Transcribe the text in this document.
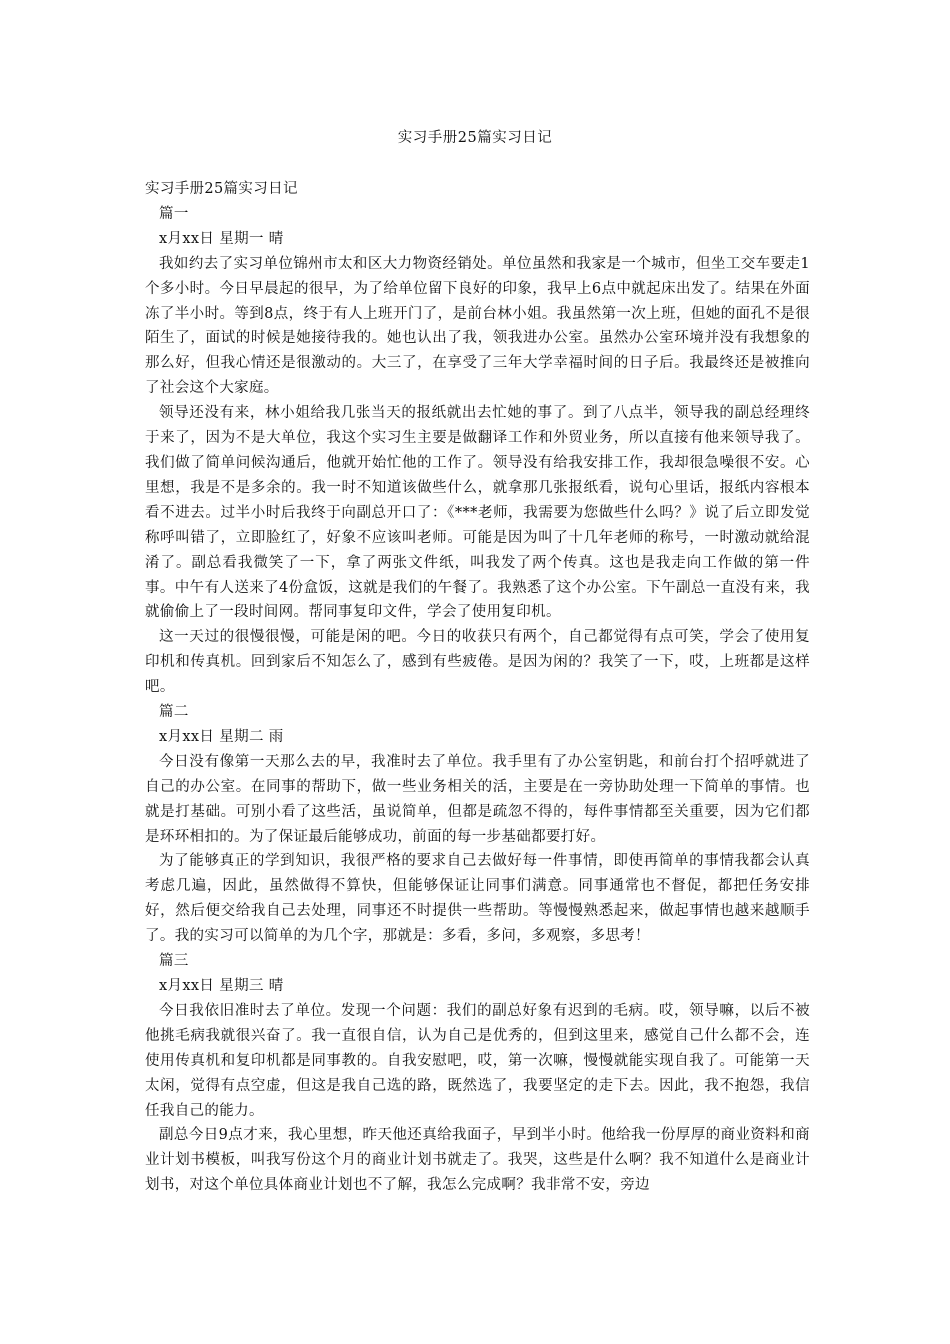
实习手册25篇实习日记

实习手册25篇实习日记

篇一

x月xx日 星期一 晴

我如约去了实习单位锦州市太和区大力物资经销处。单位虽然和我家是一个城市，但坐工交车要走1个多小时。今日早晨起的很早，为了给单位留下良好的印象，我早上6点中就起床出发了。结果在外面冻了半小时。等到8点，终于有人上班开门了，是前台林小姐。我虽然第一次上班，但她的面孔不是很陌生了，面试的时候是她接待我的。她也认出了我，领我进办公室。虽然办公室环境并没有我想象的那么好，但我心情还是很激动的。大三了，在享受了三年大学幸福时间的日子后。我最终还是被推向了社会这个大家庭。

领导还没有来，林小姐给我几张当天的报纸就出去忙她的事了。到了八点半，领导我的副总经理终于来了，因为不是大单位，我这个实习生主要是做翻译工作和外贸业务，所以直接有他来领导我了。我们做了简单问候沟通后，他就开始忙他的工作了。领导没有给我安排工作，我却很急噪很不安。心里想，我是不是多余的。我一时不知道该做些什么，就拿那几张报纸看，说句心里话，报纸内容根本看不进去。过半小时后我终于向副总开口了：《***老师，我需要为您做些什么吗？》说了后立即发觉称呼叫错了，立即脸红了，好象不应该叫老师。可能是因为叫了十几年老师的称号，一时激动就给混淆了。副总看我微笑了一下，拿了两张文件纸，叫我发了两个传真。这也是我走向工作做的第一件事。中午有人送来了4份盒饭，这就是我们的午餐了。我熟悉了这个办公室。下午副总一直没有来，我就偷偷上了一段时间网。帮同事复印文件，学会了使用复印机。

这一天过的很慢很慢，可能是闲的吧。今日的收获只有两个，自己都觉得有点可笑，学会了使用复印机和传真机。回到家后不知怎么了，感到有些疲倦。是因为闲的？我笑了一下，哎，上班都是这样吧。

篇二

x月xx日 星期二 雨

今日没有像第一天那么去的早，我准时去了单位。我手里有了办公室钥匙，和前台打个招呼就进了自己的办公室。在同事的帮助下，做一些业务相关的活，主要是在一旁协助处理一下简单的事情。也就是打基础。可别小看了这些活，虽说简单，但都是疏忽不得的，每件事情都至关重要，因为它们都是环环相扣的。为了保证最后能够成功，前面的每一步基础都要打好。

为了能够真正的学到知识，我很严格的要求自己去做好每一件事情，即使再简单的事情我都会认真考虑几遍，因此，虽然做得不算快，但能够保证让同事们满意。同事通常也不督促，都把任务安排好，然后便交给我自己去处理，同事还不时提供一些帮助。等慢慢熟悉起来，做起事情也越来越顺手了。我的实习可以简单的为几个字，那就是：多看，多问，多观察，多思考！

篇三

x月xx日 星期三 晴

今日我依旧准时去了单位。发现一个问题：我们的副总好象有迟到的毛病。哎，领导嘛，以后不被他挑毛病我就很兴奋了。我一直很自信，认为自己是优秀的，但到这里来，感觉自己什么都不会，连使用传真机和复印机都是同事教的。自我安慰吧，哎，第一次嘛，慢慢就能实现自我了。可能第一天太闲，觉得有点空虚，但这是我自己选的路，既然选了，我要坚定的走下去。因此，我不抱怨，我信任我自己的能力。

副总今日9点才来，我心里想，昨天他还真给我面子，早到半小时。他给我一份厚厚的商业资料和商业计划书模板，叫我写份这个月的商业计划书就走了。我哭，这些是什么啊？我不知道什么是商业计划书，对这个单位具体商业计划也不了解，我怎么完成啊？我非常不安，旁边
